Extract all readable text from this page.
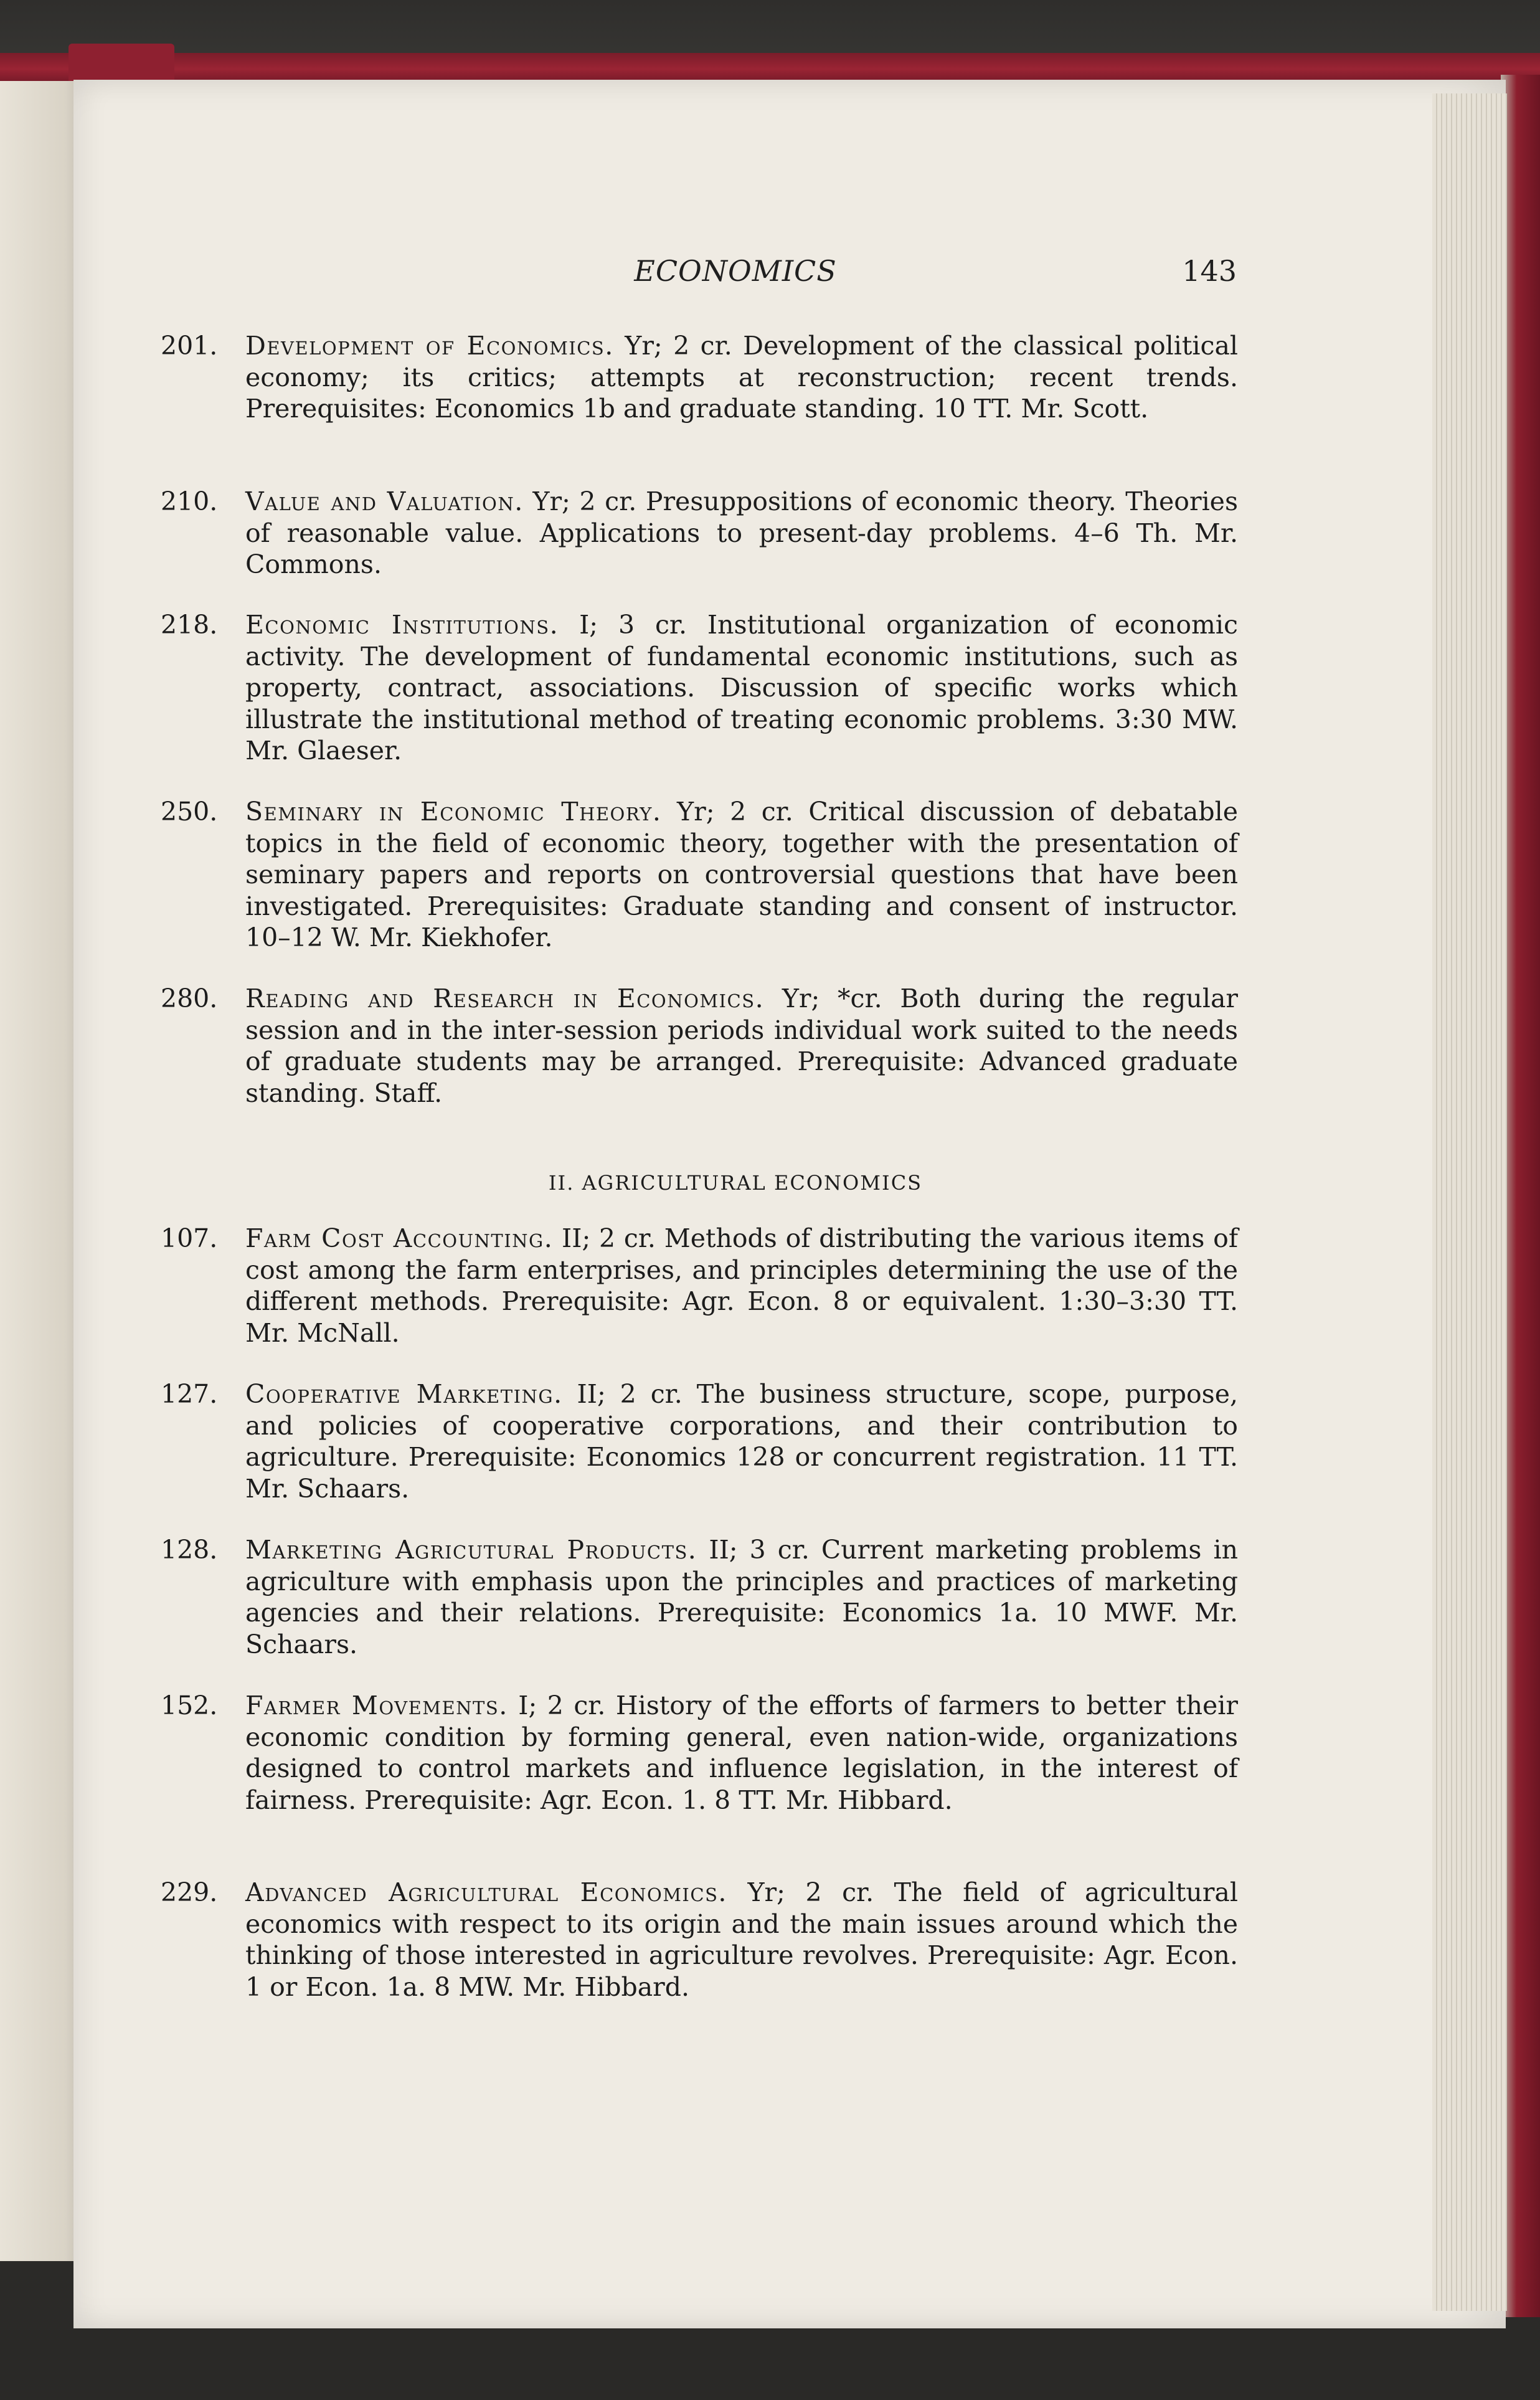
ECONOMICS	143
201.	Development of Economics. Yr; 2 cr. Development of the classical political economy; its critics; attempts at reconstruction; recent trends. Prerequisites: Economics 1b and graduate standing. 10 TT. Mr. Scott.
210.	Value and Valuation. Yr; 2 cr. Presuppositions of economic theory. Theories of reasonable value. Applications to present-day problems. 4–6 Th. Mr. Commons.
218.	Economic Institutions. I; 3 cr. Institutional organization of economic activity. The development of fundamental economic institutions, such as property, contract, associations. Discussion of specific works which illustrate the institutional method of treating economic problems. 3:30 MW. Mr. Glaeser.
250.	Seminary in Economic Theory. Yr; 2 cr. Critical discussion of debatable topics in the field of economic theory, together with the presentation of seminary papers and reports on controversial questions that have been investigated. Prerequisites: Graduate standing and consent of instructor. 10–12 W. Mr. Kiekhofer.
280.	Reading and Research in Economics. Yr; *cr. Both during the regular session and in the inter-session periods individual work suited to the needs of graduate students may be arranged. Prerequisite: Advanced graduate standing. Staff.
II. AGRICULTURAL ECONOMICS
107.	Farm Cost Accounting. II; 2 cr. Methods of distributing the various items of cost among the farm enterprises, and principles determining the use of the different methods. Prerequisite: Agr. Econ. 8 or equivalent. 1:30–3:30 TT. Mr. McNall.
127.	Cooperative Marketing. II; 2 cr. The business structure, scope, purpose, and policies of cooperative corporations, and their contribution to agriculture. Prerequisite: Economics 128 or concurrent registration. 11 TT. Mr. Schaars.
128.	Marketing Agricutural Products. II; 3 cr. Current marketing problems in agriculture with emphasis upon the principles and practices of marketing agencies and their relations. Prerequisite: Economics 1a. 10 MWF. Mr. Schaars.
152.	Farmer Movements. I; 2 cr. History of the efforts of farmers to better their economic condition by forming general, even nation-wide, organizations designed to control markets and influence legislation, in the interest of fairness. Prerequisite: Agr. Econ. 1. 8 TT. Mr. Hibbard.
229.	Advanced Agricultural Economics. Yr; 2 cr. The field of agricultural economics with respect to its origin and the main issues around which the thinking of those interested in agriculture revolves. Prerequisite: Agr. Econ. 1 or Econ. 1a. 8 MW. Mr. Hibbard.
